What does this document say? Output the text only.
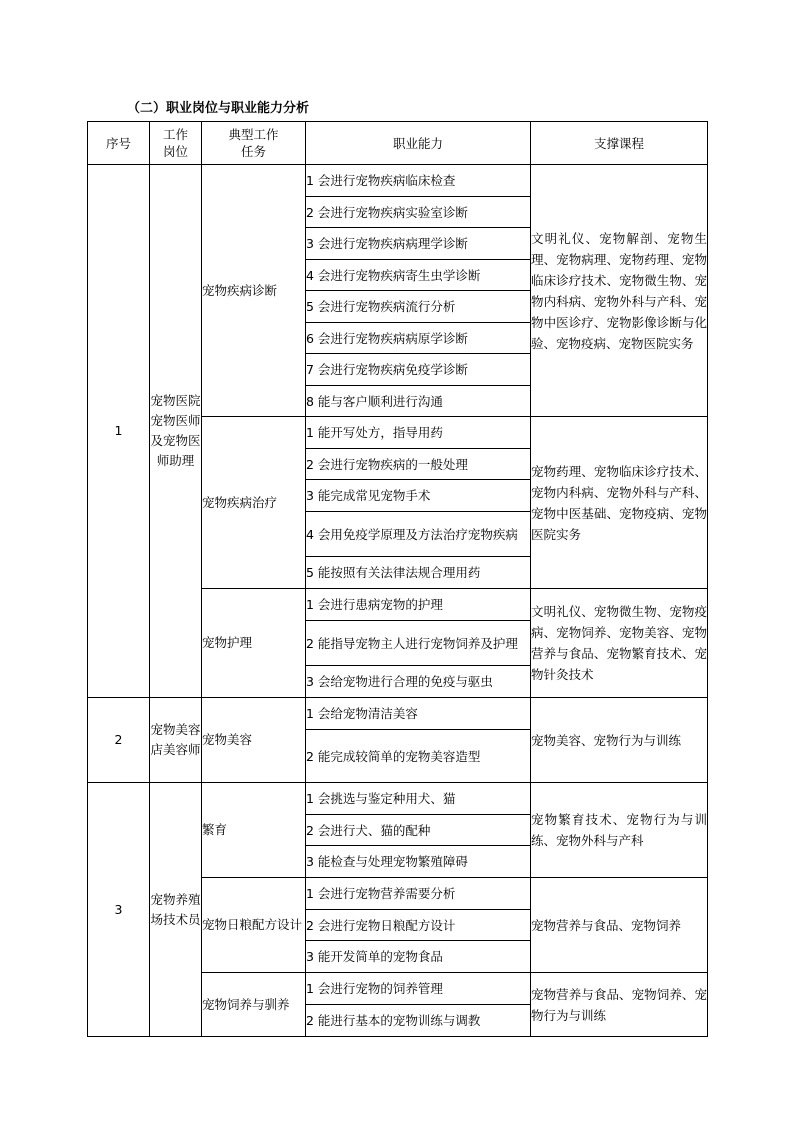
（二）职业岗位与职业能力分析
序号	工作岗位	典型工作任务	职业能力	支撑课程
1	宠物医院宠物医师及宠物医师助理	宠物疾病诊断	1 会进行宠物疾病临床检查	文明礼仪、宠物解剖、宠物生理、宠物病理、宠物药理、宠物临床诊疗技术、宠物微生物、宠物内科病、宠物外科与产科、宠物中医诊疗、宠物影像诊断与化验、宠物疫病、宠物医院实务
			2 会进行宠物疾病实验室诊断	
			3 会进行宠物疾病病理学诊断	
			4 会进行宠物疾病寄生虫学诊断	
			5 会进行宠物疾病流行分析	
			6 会进行宠物疾病病原学诊断	
			7 会进行宠物疾病免疫学诊断	
			8 能与客户顺利进行沟通	
		宠物疾病治疗	1 能开写处方，指导用药	宠物药理、宠物临床诊疗技术、宠物内科病、宠物外科与产科、宠物中医基础、宠物疫病、宠物医院实务
			2 会进行宠物疾病的一般处理	
			3 能完成常见宠物手术	
			4 会用免疫学原理及方法治疗宠物疾病	
			5 能按照有关法律法规合理用药	
		宠物护理	1 会进行患病宠物的护理	文明礼仪、宠物微生物、宠物疫病、宠物饲养、宠物美容、宠物营养与食品、宠物繁育技术、宠物针灸技术
			2 能指导宠物主人进行宠物饲养及护理	
			3 会给宠物进行合理的免疫与驱虫	
2	宠物美容店美容师	宠物美容	1 会给宠物清洁美容	宠物美容、宠物行为与训练
			2 能完成较简单的宠物美容造型	
3	宠物养殖场技术员	繁育	1 会挑选与鉴定种用犬、猫	宠物繁育技术、宠物行为与训练、宠物外科与产科
			2 会进行犬、猫的配种	
			3 能检查与处理宠物繁殖障碍	
		宠物日粮配方设计	1 会进行宠物营养需要分析	宠物营养与食品、宠物饲养
			2 会进行宠物日粮配方设计	
			3 能开发简单的宠物食品	
		宠物饲养与驯养	1 会进行宠物的饲养管理	宠物营养与食品、宠物饲养、宠物行为与训练
			2 能进行基本的宠物训练与调教	
